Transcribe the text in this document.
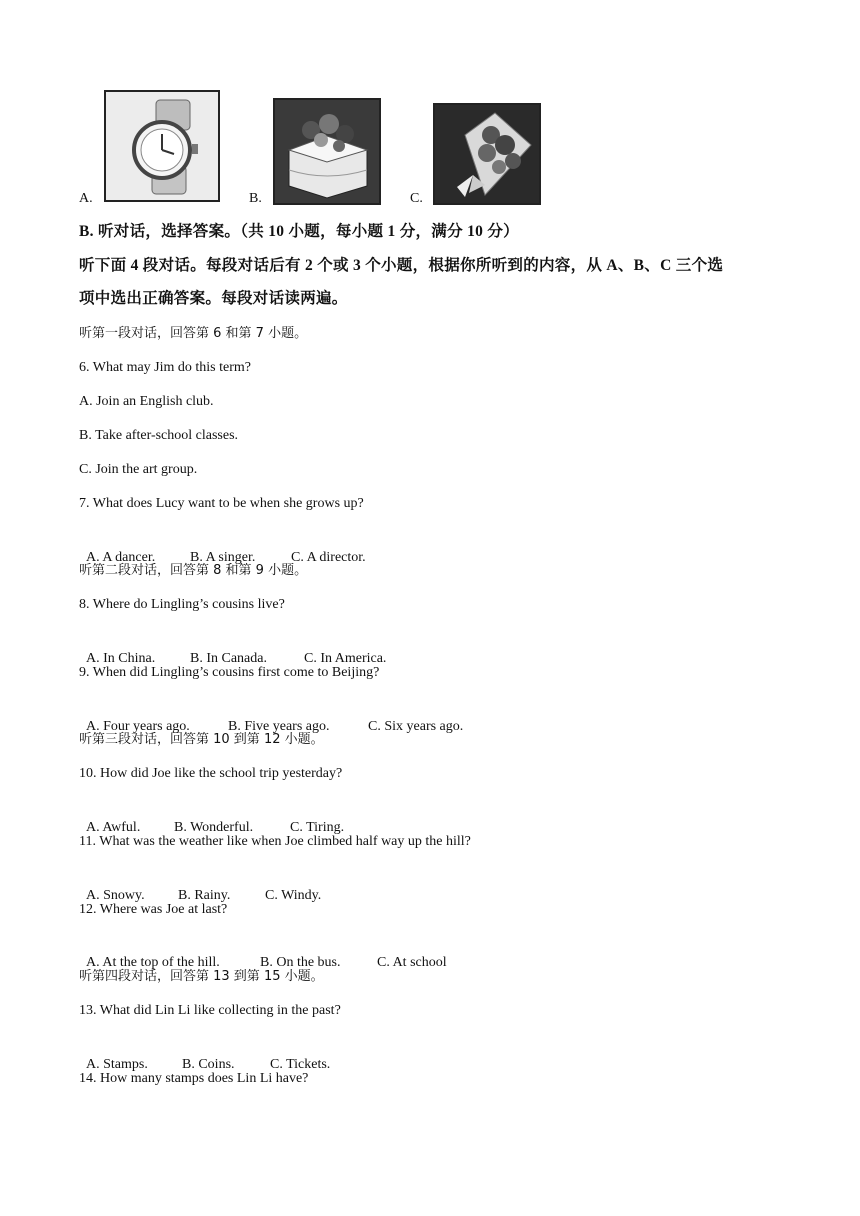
A.	B.	C.
B. 听对话，选择答案。（共 10 小题，每小题 1 分，满分 10 分）
听下面 4 段对话。每段对话后有 2 个或 3 个小题，根据你所听到的内容，从 A、B、C 三个选
项中选出正确答案。每段对话读两遍。
听第一段对话，回答第 6 和第 7 小题。
6. What may Jim do this term?
A. Join an English club.
B. Take after-school classes.
C. Join the art group.
7. What does Lucy want to be when she grows up?

A. A dancer. B. A singer.	C. A director.

听第二段对话，回答第 8 和第 9 小题。
8. Where do Lingling’s cousins live?

A. In China. B. In Canada.	C. In America.

9. When did Lingling’s cousins first come to Beijing?

A. Four years ago.	B. Five years ago.	C. Six years ago.

听第三段对话，回答第 10 到第 12 小题。
10. How did Joe like the school trip yesterday?

A. Awful. B. Wonderful.	C. Tiring.

11. What was the weather like when Joe climbed half way up the hill?

A. Snowy. B. Rainy. C. Windy.

12. Where was Joe at last?

A. At the top of the hill.	B. On the bus.	C. At school

听第四段对话，回答第 13 到第 15 小题。
13. What did Lin Li like collecting in the past?

A. Stamps. B. Coins.	C. Tickets.

14. How many stamps does Lin Li have?
